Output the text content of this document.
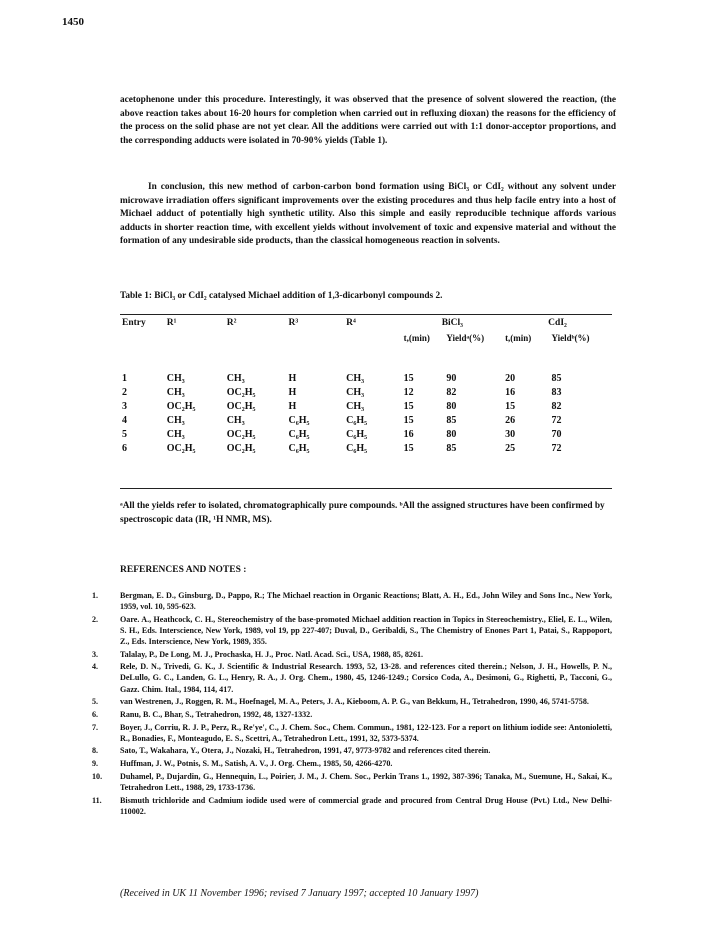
1450

acetophenone under this procedure. Interestingly, it was observed that the presence of solvent slowered the reaction, (the above reaction takes about 16-20 hours for completion when carried out in refluxing dioxan) the reasons for the efficiency of the process on the solid phase are not yet clear. All the additions were carried out with 1:1 donor-acceptor proportions, and the corresponding adducts were isolated in 70-90% yields (Table 1).

In conclusion, this new method of carbon-carbon bond formation using BiCl₃ or CdI₂ without any solvent under microwave irradiation offers significant improvements over the existing procedures and thus help facile entry into a host of Michael adduct of potentially high synthetic utility. Also this simple and easily reproducible technique affords various adducts in shorter reaction time, with excellent yields without involvement of toxic and expensive material and without the formation of any undesirable side products, than the classical homogeneous reaction in solvents.

Table 1: BiCl₃ or CdI₂ catalysed Michael addition of 1,3-dicarbonyl compounds 2.
Entry	R¹	R²	R³	R⁴	BiCl₃		CdI₂	
					t,(min)	Yieldᵃ(%)	t,(min)	Yieldᵇ(%)

1	CH₃	CH₃	H	CH₃	15	90	20	85
2	CH₃	OC₂H₅	H	CH₃	12	82	16	83
3	OC₂H₅	OC₂H₅	H	CH₃	15	80	15	82
4	CH₃	CH₃	C₆H₅	C₆H₅	15	85	26	72
5	CH₃	OC₂H₅	C₆H₅	C₆H₅	16	80	30	70
6	OC₂H₅	OC₂H₅	C₆H₅	C₆H₅	15	85	25	72

ᵃAll the yields refer to isolated, chromatographically pure compounds. ᵇAll the assigned structures have been confirmed by spectroscopic data (IR, ¹H NMR, MS).

REFERENCES AND NOTES :
1.	Bergman, E. D., Ginsburg, D., Pappo, R.; The Michael reaction in Organic Reactions; Blatt, A. H., Ed., John Wiley and Sons Inc., New York, 1959, vol. 10, 595-623.
2.	Oare. A., Heathcock, C. H., Stereochemistry of the base-promoted Michael addition reaction in Topics in Stereochemistry., Eliel, E. L., Wilen, S. H., Eds. Interscience, New York, 1989, vol 19, pp 227-407; Duval, D., Geribaldi, S., The Chemistry of Enones Part 1, Patai, S., Rappoport, Z., Eds. Interscience, New York, 1989, 355.
3.	Talalay, P., De Long, M. J., Prochaska, H. J., Proc. Natl. Acad. Sci., USA, 1988, 85, 8261.
4.	Rele, D. N., Trivedi, G. K., J. Scientific & Industrial Research. 1993, 52, 13-28. and references cited therein.; Nelson, J. H., Howells, P. N., DeLullo, G. C., Landen, G. L., Henry, R. A., J. Org. Chem., 1980, 45, 1246-1249.; Corsico Coda, A., Desimoni, G., Righetti, P., Tacconi, G., Gazz. Chim. Ital., 1984, 114, 417.
5.	van Westrenen, J., Roggen, R. M., Hoefnagel, M. A., Peters, J. A., Kieboom, A. P. G., van Bekkum, H., Tetrahedron, 1990, 46, 5741-5758.
6.	Ranu, B. C., Bhar, S., Tetrahedron, 1992, 48, 1327-1332.
7.	Boyer, J., Corriu, R. J. P., Perz, R., Re'ye', C., J. Chem. Soc., Chem. Commun., 1981, 122-123. For a report on lithium iodide see: Antonioletti, R., Bonadies, F., Monteagudo, E. S., Scettri, A., Tetrahedron Lett., 1991, 32, 5373-5374.
8.	Sato, T., Wakahara, Y., Otera, J., Nozaki, H., Tetrahedron, 1991, 47, 9773-9782 and references cited therein.
9.	Huffman, J. W., Potnis, S. M., Satish, A. V., J. Org. Chem., 1985, 50, 4266-4270.
10. Duhamel, P., Dujardin, G., Hennequin, L., Poirier, J. M., J. Chem. Soc., Perkin Trans 1., 1992, 387-396; Tanaka, M., Suemune, H., Sakai, K., Tetrahedron Lett., 1988, 29, 1733-1736.
11. Bismuth trichloride and Cadmium iodide used were of commercial grade and procured from Central Drug House (Pvt.) Ltd., New Delhi-110002.
(Received in UK 11 November 1996; revised 7 January 1997; accepted 10 January 1997)
